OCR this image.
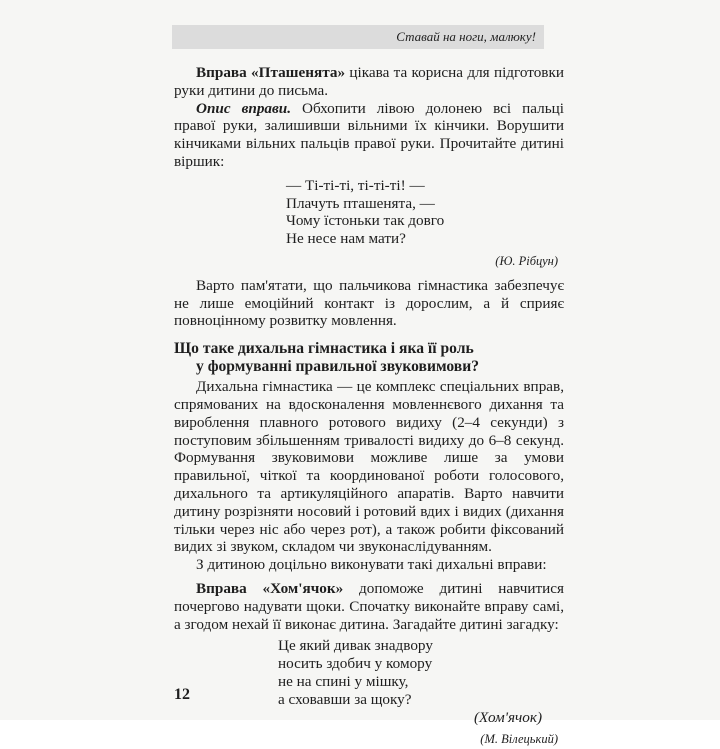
Ставай на ноги, малюку!

Вправа «Пташенята» цікава та корисна для підготовки руки дитини до письма.

Опис вправи. Обхопити лівою долонею всі пальці правої руки, залишивши вільними їх кінчики. Ворушити кінчиками вільних пальців правої руки. Прочитайте дитині віршик:

— Ті-ті-ті, ті-ті-ті! —
Плачуть пташенята, —
Чому їстоньки так довго
Не несе нам мати?
(Ю. Рібцун)

Варто пам'ятати, що пальчикова гімнастика забезпечує не лише емоційний контакт із дорослим, а й сприяє повноцінному розвитку мовлення.

Що таке дихальна гімнастика і яка її роль
у формуванні правильної звуковимови?

Дихальна гімнастика — це комплекс спеціальних вправ, спрямованих на вдосконалення мовленнєвого дихання та вироблення плавного ротового видиху (2–4 секунди) з поступовим збільшенням тривалості видиху до 6–8 секунд. Формування звуковимови можливе лише за умови правильної, чіткої та координованої роботи голосового, дихального та артикуляційного апаратів. Варто навчити дитину розрізняти носовий і ротовий вдих і видих (дихання тільки через ніс або через рот), а також робити фіксований видих зі звуком, складом чи звуконаслідуванням.

З дитиною доцільно виконувати такі дихальні вправи:

Вправа «Хом'ячок» допоможе дитині навчитися почергово надувати щоки. Спочатку виконайте вправу самі, а згодом нехай її виконає дитина. Загадайте дитині загадку:

Це який дивак знадвору
носить здобич у комору
не на спині у мішку,
а сховавши за щоку?
(Хом'ячок)
(М. Вілецький)
12
